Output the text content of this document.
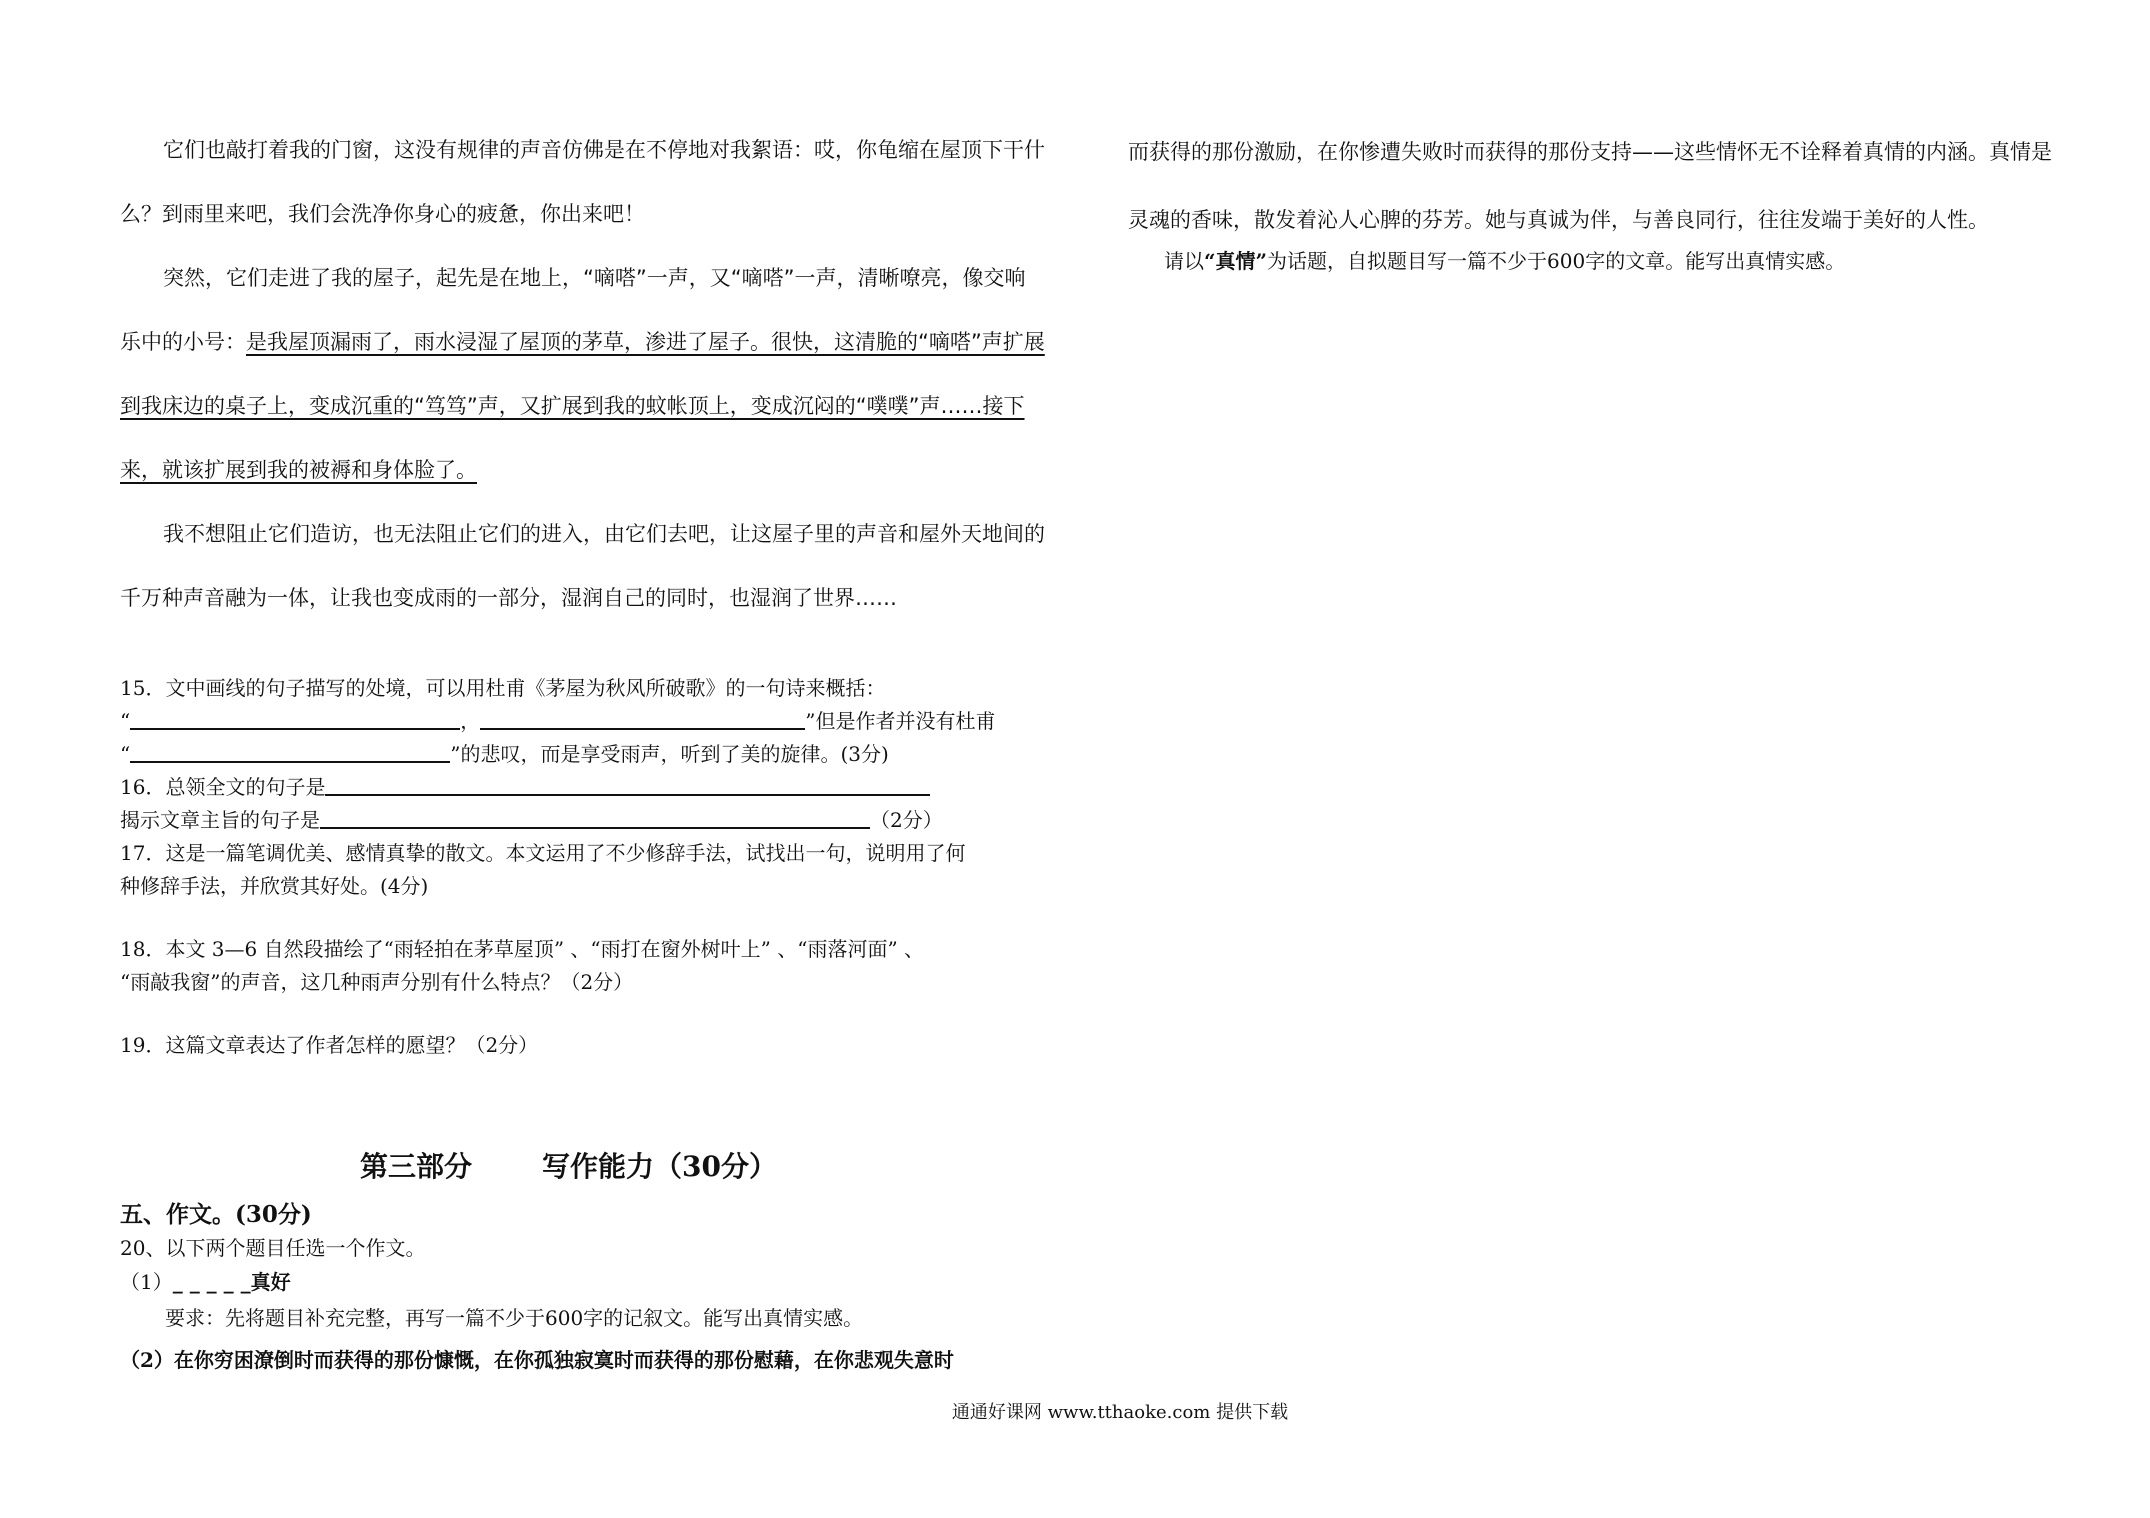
它们也敲打着我的门窗，这没有规律的声音仿佛是在不停地对我絮语：哎，你龟缩在屋顶下干什么？到雨里来吧，我们会洗净你身心的疲惫，你出来吧！

突然，它们走进了我的屋子，起先是在地上，“嘀嗒”一声，又“嘀嗒”一声，清晰嘹亮，像交响乐中的小号：是我屋顶漏雨了，雨水浸湿了屋顶的茅草，渗进了屋子。很快，这清脆的“嘀嗒”声扩展到我床边的桌子上，变成沉重的“笃笃”声，又扩展到我的蚊帐顶上，变成沉闷的“噗噗”声……接下来，就该扩展到我的被褥和身体脸了。

我不想阻止它们造访，也无法阻止它们的进入，由它们去吧，让这屋子里的声音和屋外天地间的千万种声音融为一体，让我也变成雨的一部分，湿润自己的同时，也湿润了世界……

15．文中画线的句子描写的处境，可以用杜甫《茅屋为秋风所破歌》的一句诗来概括：
“	，	”但是作者并没有杜甫
“	”的悲叹，而是享受雨声，听到了美的旋律。(3分)
16．总领全文的句子是
揭示文章主旨的句子是	（2分）
17．这是一篇笔调优美、感情真挚的散文。本文运用了不少修辞手法，试找出一句，说明用了何
种修辞手法，并欣赏其好处。(4分)
18．本文 3—6 自然段描绘了“雨轻拍在茅草屋顶” 、“雨打在窗外树叶上” 、“雨落河面” 、
“雨敲我窗”的声音，这几种雨声分别有什么特点？（2分）
19．这篇文章表达了作者怎样的愿望？（2分）
第三部分	写作能力（30分）
五、作文。(30分)
20、以下两个题目任选一个作文。
（1）_ _ _ _ _真好
要求：先将题目补充完整，再写一篇不少于600字的记叙文。能写出真情实感。
（2）在你穷困潦倒时而获得的那份慷慨，在你孤独寂寞时而获得的那份慰藉，在你悲观失意时

而获得的那份激励，在你惨遭失败时而获得的那份支持——这些情怀无不诠释着真情的内涵。真情是灵魂的香味，散发着沁人心脾的芬芳。她与真诚为伴，与善良同行，往往发端于美好的人性。

请以“真情”为话题，自拟题目写一篇不少于600字的文章。能写出真情实感。

通通好课网 www.tthaoke.com 提供下载
